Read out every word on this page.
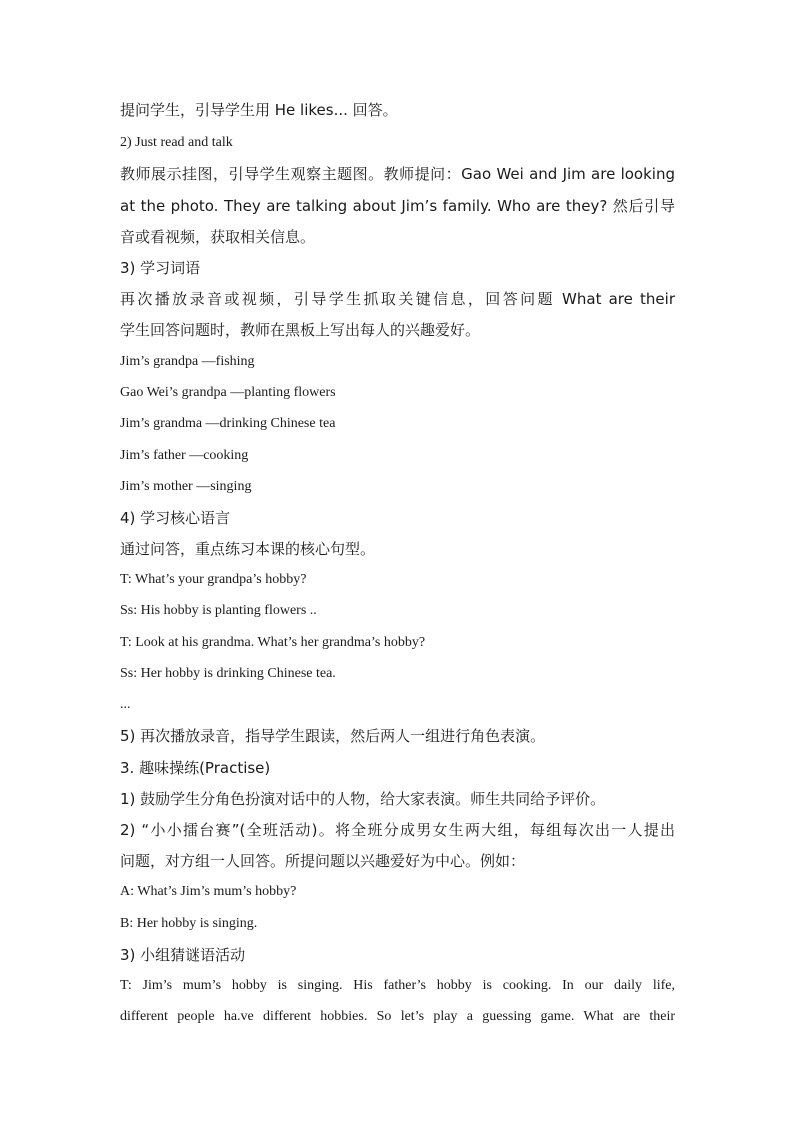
提问学生，引导学生用 He likes... 回答。
2) Just read and talk
教师展示挂图，引导学生观察主题图。教师提问：Gao Wei and Jim are looking
at the photo. They are talking about Jim’s family. Who are they? 然后引导
音或看视频，获取相关信息。
3) 学习词语
再次播放录音或视频，引导学生抓取关键信息，回答问题 What are their
学生回答问题时，教师在黑板上写出每人的兴趣爱好。
Jim’s grandpa —fishing
Gao Wei’s grandpa —planting flowers
Jim’s grandma —drinking Chinese tea
Jim’s father —cooking
Jim’s mother —singing
4) 学习核心语言
通过问答，重点练习本课的核心句型。
T: What’s your grandpa’s hobby?
Ss: His hobby is planting flowers ..
T: Look at his grandma. What’s her grandma’s hobby?
Ss: Her hobby is drinking Chinese tea.
...
5) 再次播放录音，指导学生跟读，然后两人一组进行角色表演。
3. 趣味操练(Practise)
1) 鼓励学生分角色扮演对话中的人物，给大家表演。师生共同给予评价。
2) “小小擂台赛”(全班活动)。将全班分成男女生两大组，每组每次出一人提出
问题，对方组一人回答。所提问题以兴趣爱好为中心。例如：
A: What’s Jim’s mum’s hobby?
B: Her hobby is singing.
3) 小组猜谜语活动
T: Jim’s mum’s hobby is singing. His father’s hobby is cooking. In our daily life,
different people ha.ve different hobbies. So let’s play a guessing game. What are their
